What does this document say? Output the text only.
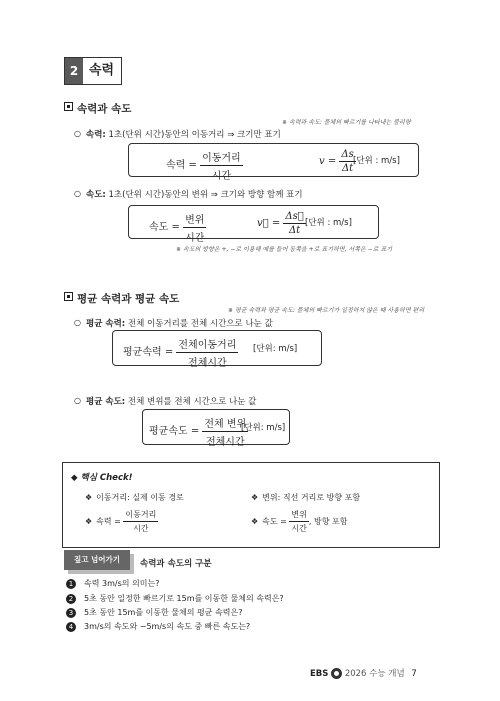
2 속력
속력과 속도
※ 속력과 속도: 물체의 빠르기를 나타내는 물리량
○ 속력: 1초(단위 시간)동안의 이동거리 ⇒ 크기만 표기
속력 = $\frac{\text{이동거리}}{\text{시간}}$	$v = \frac{\Delta s}{\Delta t}$
[단위 : m/s]
○ 속도: 1초(단위 시간)동안의 변위 ⇒ 크기와 방향 함께 표기
속도 = $\frac{\text{변위}}{\text{시간}}$	v⃗ = $\frac{\Delta s⃗}{\Delta t}$ [단위 : m/s]
※ 속도의 방향은 +, −로 이용해 예를 들어 동쪽을 +로 표기하면, 서쪽은 −로 표기
평균 속력과 평균 속도
※ 평균 속력과 평균 속도: 물체의 빠르기가 일정하지 않은 때 사용하면 편리
○ 평균 속력: 전체 이동거리를 전체 시간으로 나눈 값
평균속력 = $\frac{\text{전체이동거리}}{\text{전체시간}}$ [단위: m/s]
○ 평균 속도: 전체 변위를 전체 시간으로 나눈 값
평균속도 = $\frac{\text{전체 변위}}{\text{전체시간}}$
[단위: m/s]
◆ 핵심 Check!
❖ 이동거리: 실제 이동 경로	❖ 변위: 직선 거리로 방향 포함
❖ 속력 = $\frac{\text{이동거리}}{\text{시간}}$	❖ 속도 = $\frac{\text{변위}}{\text{시간}}$ , 방향 포함
짚고 넘어가기	속력과 속도의 구분
1 속력 3m/s의 의미는?
2 5초 동안 일정한 빠르기로 15m를 이동한 물체의 속력은?
3 5초 동안 15m를 이동한 물체의 평균 속력은?
4 3m/s의 속도와 −5m/s의 속도 중 빠른 속도는?
EBS 2026 수능 개념 7
